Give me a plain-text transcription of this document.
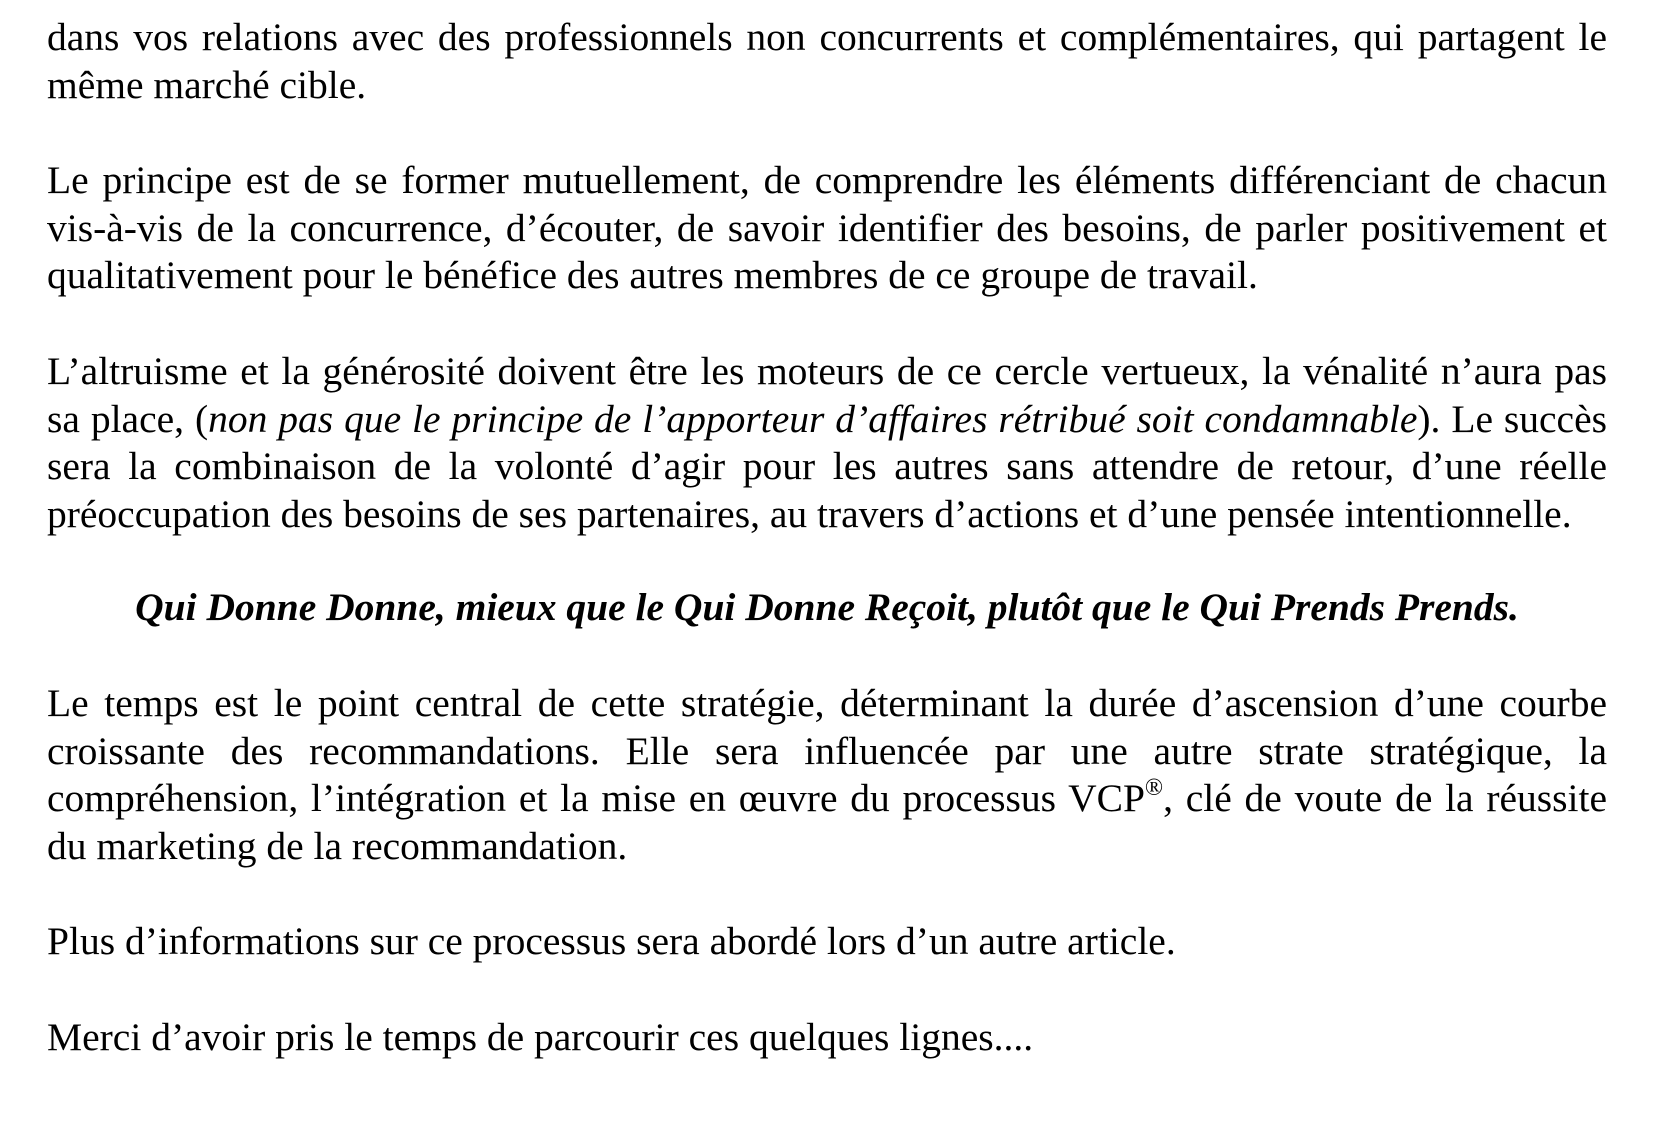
dans vos relations avec des professionnels non concurrents et complémentaires, qui partagent le même marché cible.

Le principe est de se former mutuellement, de comprendre les éléments différenciant de chacun vis-à-vis de la concurrence, d’écouter, de savoir identifier des besoins, de parler positivement et qualitativement pour le bénéfice des autres membres de ce groupe de travail.

L’altruisme et la générosité doivent être les moteurs de ce cercle vertueux, la vénalité n’aura pas sa place, (non pas que le principe de l’apporteur d’affaires rétribué soit condamnable). Le succès sera la combinaison de la volonté d’agir pour les autres sans attendre de retour, d’une réelle préoccupation des besoins de ses partenaires, au travers d’actions et d’une pensée intentionnelle.

Qui Donne Donne, mieux que le Qui Donne Reçoit, plutôt que le Qui Prends Prends.

Le temps est le point central de cette stratégie, déterminant la durée d’ascension d’une courbe croissante des recommandations. Elle sera influencée par une autre strate stratégique, la compréhension, l’intégration et la mise en œuvre du processus VCP®, clé de voute de la réussite du marketing de la recommandation.

Plus d’informations sur ce processus sera abordé lors d’un autre article.

Merci d’avoir pris le temps de parcourir ces quelques lignes....
